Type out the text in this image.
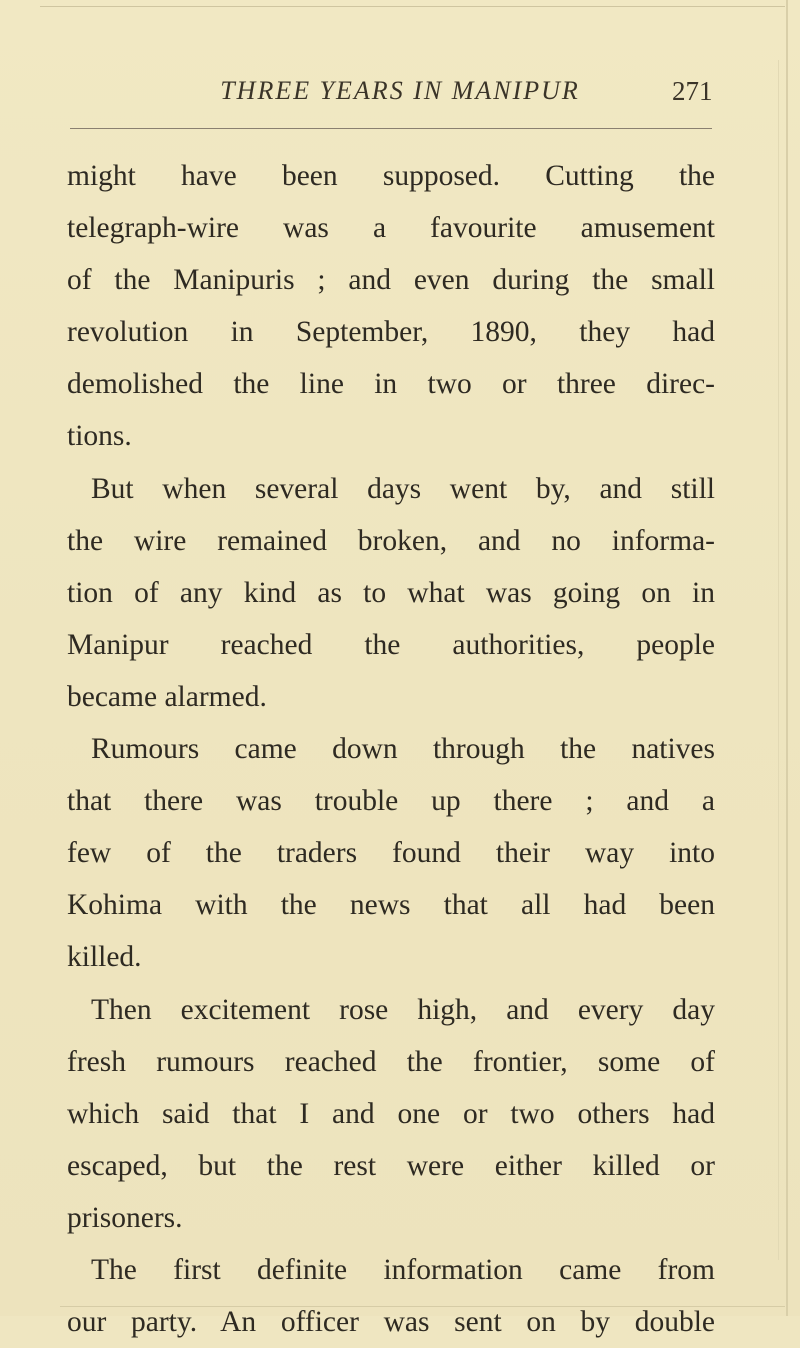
THREE YEARS IN MANIPUR	271
might have been supposed. Cutting the
telegraph-wire was a favourite amusement
of the Manipuris ; and even during the small
revolution in September, 1890, they had
demolished the line in two or three direc-
tions.
But when several days went by, and still
the wire remained broken, and no informa-
tion of any kind as to what was going on in
Manipur reached the authorities, people
became alarmed.
Rumours came down through the natives
that there was trouble up there ; and a
few of the traders found their way into
Kohima with the news that all had been
killed.
Then excitement rose high, and every day
fresh rumours reached the frontier, some of
which said that I and one or two others had
escaped, but the rest were either killed or
prisoners.
The first definite information came from
our party. An officer was sent on by double
